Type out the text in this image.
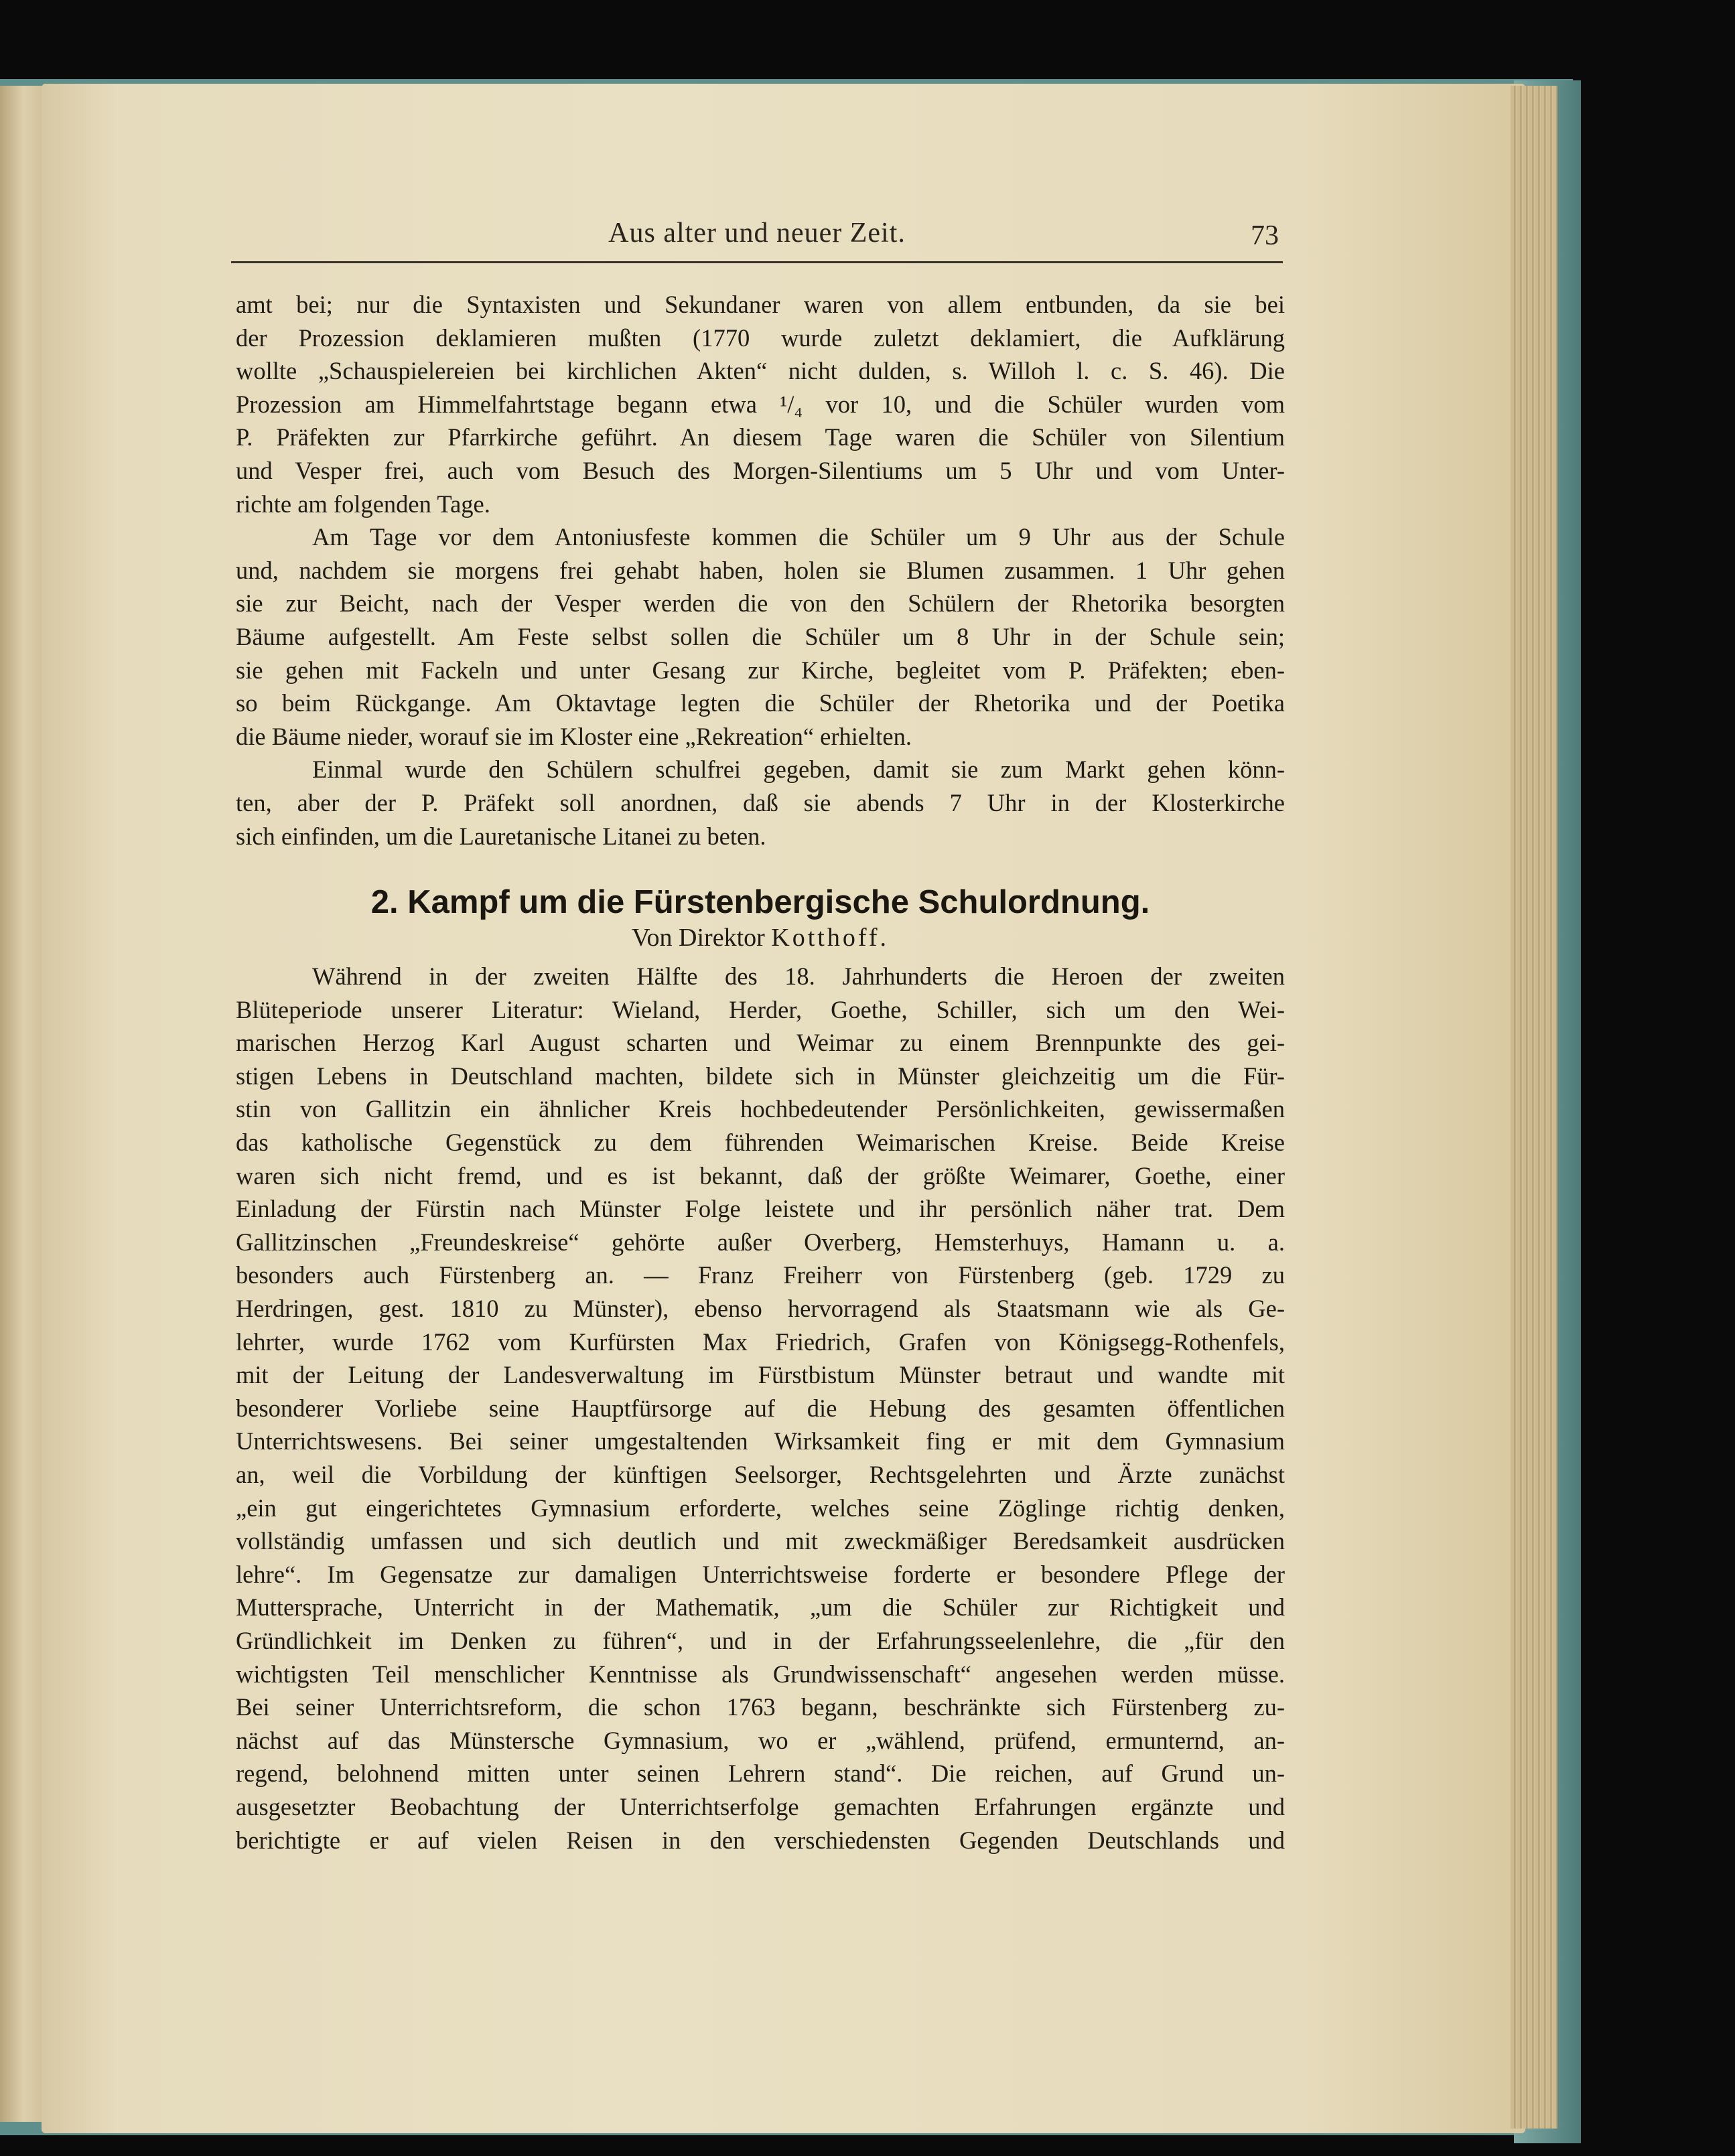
Aus alter und neuer Zeit.	73
amt bei; nur die Syntaxisten und Sekundaner waren von allem entbunden, da sie bei
der Prozession deklamieren mußten (1770 wurde zuletzt deklamiert, die Aufklärung
wollte „Schauspielereien bei kirchlichen Akten“ nicht dulden, s. Willoh l. c. S. 46). Die
Prozession am Himmelfahrtstage begann etwa ¹/₄ vor 10, und die Schüler wurden vom
P. Präfekten zur Pfarrkirche geführt. An diesem Tage waren die Schüler von Silentium
und Vesper frei, auch vom Besuch des Morgen-Silentiums um 5 Uhr und vom Unter-
richte am folgenden Tage.
Am Tage vor dem Antoniusfeste kommen die Schüler um 9 Uhr aus der Schule
und, nachdem sie morgens frei gehabt haben, holen sie Blumen zusammen. 1 Uhr gehen
sie zur Beicht, nach der Vesper werden die von den Schülern der Rhetorika besorgten
Bäume aufgestellt. Am Feste selbst sollen die Schüler um 8 Uhr in der Schule sein;
sie gehen mit Fackeln und unter Gesang zur Kirche, begleitet vom P. Präfekten; eben-
so beim Rückgange. Am Oktavtage legten die Schüler der Rhetorika und der Poetika
die Bäume nieder, worauf sie im Kloster eine „Rekreation“ erhielten.
Einmal wurde den Schülern schulfrei gegeben, damit sie zum Markt gehen könn-
ten, aber der P. Präfekt soll anordnen, daß sie abends 7 Uhr in der Klosterkirche
sich einfinden, um die Lauretanische Litanei zu beten.
2. Kampf um die Fürstenbergische Schulordnung.
Von Direktor Kotthoff.
Während in der zweiten Hälfte des 18. Jahrhunderts die Heroen der zweiten
Blüteperiode unserer Literatur: Wieland, Herder, Goethe, Schiller, sich um den Wei-
marischen Herzog Karl August scharten und Weimar zu einem Brennpunkte des gei-
stigen Lebens in Deutschland machten, bildete sich in Münster gleichzeitig um die Für-
stin von Gallitzin ein ähnlicher Kreis hochbedeutender Persönlichkeiten, gewissermaßen
das katholische Gegenstück zu dem führenden Weimarischen Kreise. Beide Kreise
waren sich nicht fremd, und es ist bekannt, daß der größte Weimarer, Goethe, einer
Einladung der Fürstin nach Münster Folge leistete und ihr persönlich näher trat. Dem
Gallitzinschen „Freundeskreise“ gehörte außer Overberg, Hemsterhuys, Hamann u. a.
besonders auch Fürstenberg an. — Franz Freiherr von Fürstenberg (geb. 1729 zu
Herdringen, gest. 1810 zu Münster), ebenso hervorragend als Staatsmann wie als Ge-
lehrter, wurde 1762 vom Kurfürsten Max Friedrich, Grafen von Königsegg-Rothenfels,
mit der Leitung der Landesverwaltung im Fürstbistum Münster betraut und wandte mit
besonderer Vorliebe seine Hauptfürsorge auf die Hebung des gesamten öffentlichen
Unterrichtswesens. Bei seiner umgestaltenden Wirksamkeit fing er mit dem Gymnasium
an, weil die Vorbildung der künftigen Seelsorger, Rechtsgelehrten und Ärzte zunächst
„ein gut eingerichtetes Gymnasium erforderte, welches seine Zöglinge richtig denken,
vollständig umfassen und sich deutlich und mit zweckmäßiger Beredsamkeit ausdrücken
lehre“. Im Gegensatze zur damaligen Unterrichtsweise forderte er besondere Pflege der
Muttersprache, Unterricht in der Mathematik, „um die Schüler zur Richtigkeit und
Gründlichkeit im Denken zu führen“, und in der Erfahrungsseelenlehre, die „für den
wichtigsten Teil menschlicher Kenntnisse als Grundwissenschaft“ angesehen werden müsse.
Bei seiner Unterrichtsreform, die schon 1763 begann, beschränkte sich Fürstenberg zu-
nächst auf das Münstersche Gymnasium, wo er „wählend, prüfend, ermunternd, an-
regend, belohnend mitten unter seinen Lehrern stand“. Die reichen, auf Grund un-
ausgesetzter Beobachtung der Unterrichtserfolge gemachten Erfahrungen ergänzte und
berichtigte er auf vielen Reisen in den verschiedensten Gegenden Deutschlands und
